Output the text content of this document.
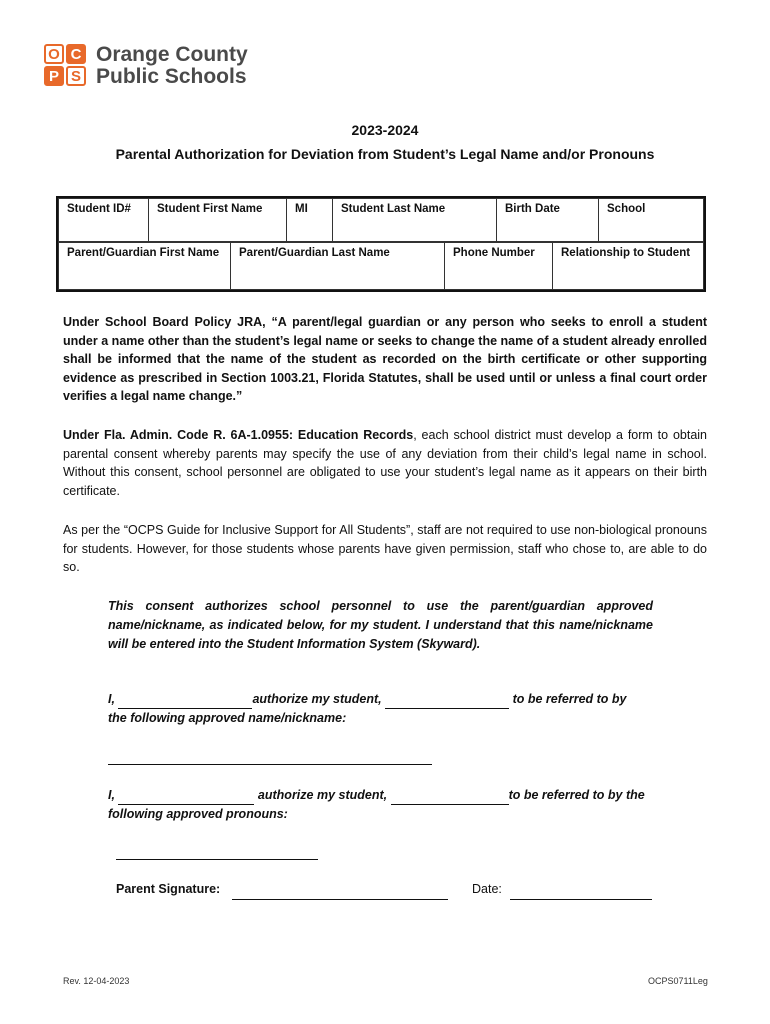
O C
P S
Orange County
Public Schools
2023-2024
Parental Authorization for Deviation from Student’s Legal Name and/or Pronouns
Student ID#	Student First Name	MI	Student Last Name	Birth Date	School

Parent/Guardian First Name	Parent/Guardian Last Name	Phone Number	Relationship to Student
Under School Board Policy JRA, “A parent/legal guardian or any person who seeks to enroll a student under a name other than the student’s legal name or seeks to change the name of a student already enrolled shall be informed that the name of the student as recorded on the birth certificate or other supporting evidence as prescribed in Section 1003.21, Florida Statutes, shall be used until or unless a final court order verifies a legal name change.”
Under Fla. Admin. Code R. 6A-1.0955: Education Records, each school district must develop a form to obtain parental consent whereby parents may specify the use of any deviation from their child’s legal name in school. Without this consent, school personnel are obligated to use your student’s legal name as it appears on their birth certificate.
As per the “OCPS Guide for Inclusive Support for All Students”, staff are not required to use non-biological pronouns for students. However, for those students whose parents have given permission, staff who chose to, are able to do so.
This consent authorizes school personnel to use the parent/guardian approved name/nickname, as indicated below, for my student. I understand that this name/nickname will be entered into the Student Information System (Skyward).
I,	authorize my student,	to be referred to by
the following approved name/nickname:
I,	authorize my student,	to be referred to by the
following approved pronouns:
Parent Signature:	Date:
Rev. 12-04-2023	OCPS0711Leg
